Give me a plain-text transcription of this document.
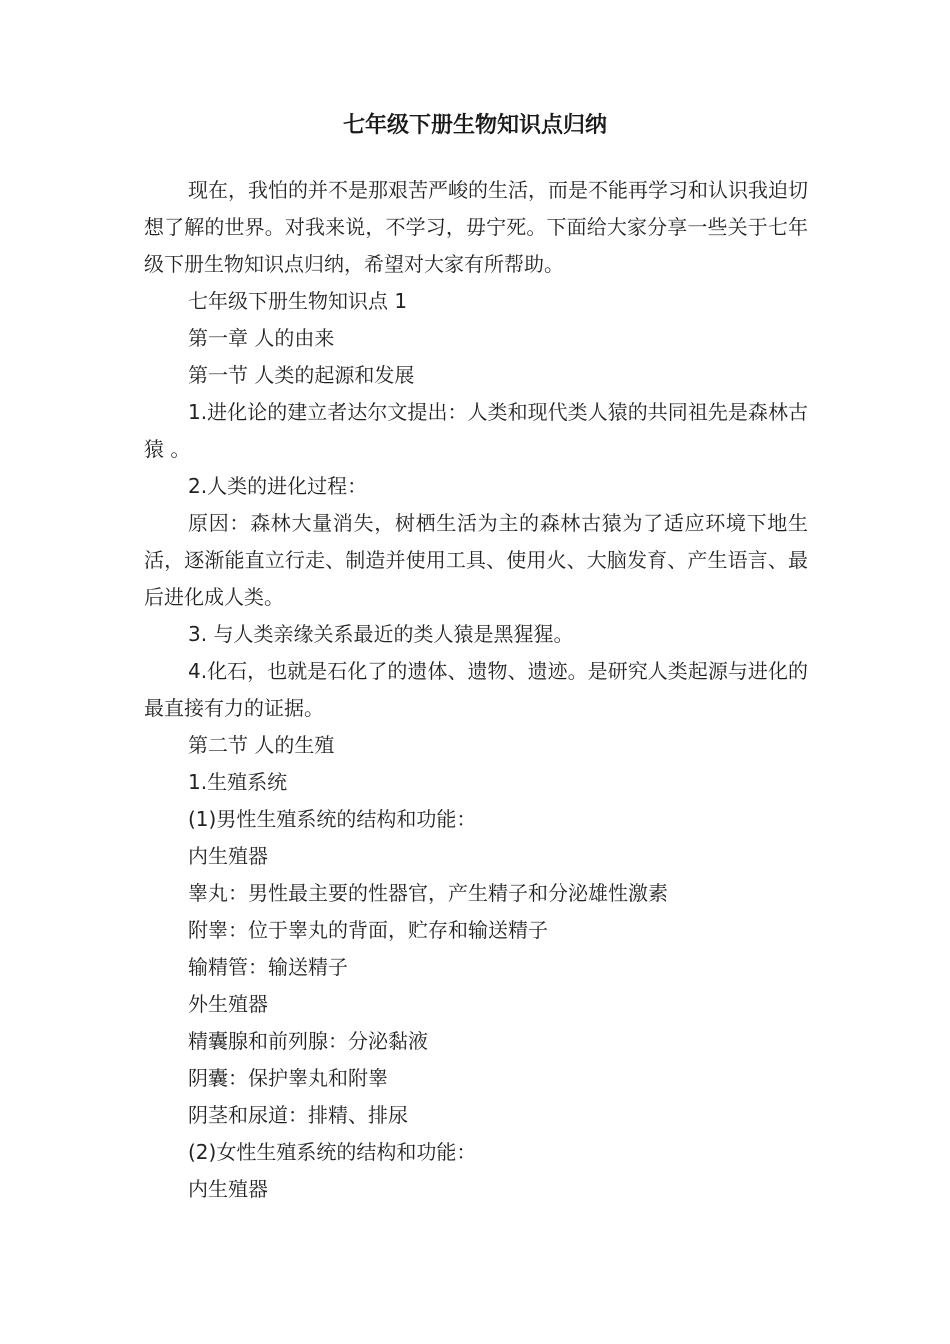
七年级下册生物知识点归纳

现在，我怕的并不是那艰苦严峻的生活，而是不能再学习和认识我迫切想了解的世界。对我来说，不学习，毋宁死。下面给大家分享一些关于七年级下册生物知识点归纳，希望对大家有所帮助。

七年级下册生物知识点 1

第一章 人的由来

第一节 人类的起源和发展

1.进化论的建立者达尔文提出：人类和现代类人猿的共同祖先是森林古猿 。

2.人类的进化过程：

原因：森林大量消失，树栖生活为主的森林古猿为了适应环境下地生活，逐渐能直立行走、制造并使用工具、使用火、大脑发育、产生语言、最后进化成人类。

3. 与人类亲缘关系最近的类人猿是黑猩猩。

4.化石，也就是石化了的遗体、遗物、遗迹。是研究人类起源与进化的最直接有力的证据。

第二节 人的生殖

1.生殖系统

(1)男性生殖系统的结构和功能：

内生殖器

睾丸：男性最主要的性器官，产生精子和分泌雄性激素

附睾：位于睾丸的背面，贮存和输送精子

输精管：输送精子

外生殖器

精囊腺和前列腺：分泌黏液

阴囊：保护睾丸和附睾

阴茎和尿道：排精、排尿

(2)女性生殖系统的结构和功能：

内生殖器
